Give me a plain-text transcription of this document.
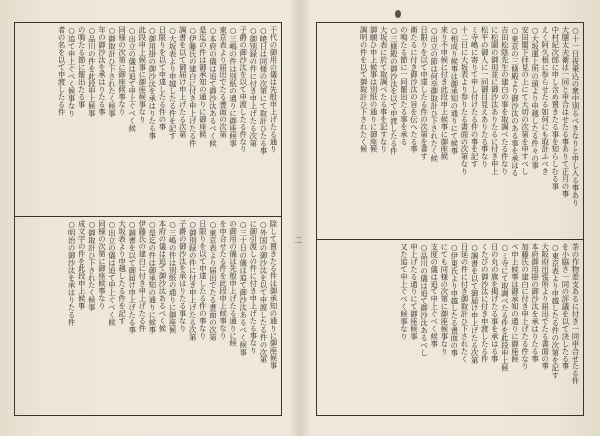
○十一日夜乗込の衆中別るべきなりと申し入る事あり
大膳太夫衛は一同と申合はせたる事ありて正月の事
中村紀次郎に申し含め置きたる事を知らしむる事
えく阿久根に参らせたる如何にも取計ふべき
○大坂運上所の頭より申越したる件々の事
安田閣下拝見の上にて大切の次第を申すべし
○東京の三條殿より御沙汰のある事を承はる
吉田松陰先生の建白の事を取調べたる件なり
に松園の御用並に御沙汰ありたるに付き申上
松平の御人に一同御目見えありたる事なり
ミ寺嶋に寄りて申し付けたる件の事を記す
十二日に大坂表より参りたる書面の次第なり
○相成り候事は御承知の通りにて候事
来り不申候に付き此段申上候事に御座候
○出立の節は何卒御取計ひ下されたく候
日限りを以て申達したる件の次第を書す
衛たるに付き御沙汰の旨を伝へたる事
の鳴たる節に一同罷出たる事を承る
○三條殿の御沙汰を以て申渡したる件
大坂表に於て取調べたる事を記すなり
御願ひ申上候事は別紙の通りに御座候
調明の件を以て御取計ひ下されたく候
茶の作物差支あるに付き一同申合せたる件
を小脇さ一同の評議を以て決したる事
○東京表より申越したる件の次第を記す
大阪府出張所より届出でたる書面の事
本府御用掛の御沙汰を承はりたる事
加藤氏の建白に付き申上げたる件なり
ペ申上候事は御承知の通りに御座候
○ミ寺にて取調べたる件を此段申上候
日の丸の旗を掲げたる事を承はる事
くたびの御沙汰に付き申渡したる件
○調書を以て御届け申上げたる次第
日延の件に付き御取計ひ下されたく
○伊東氏より申越したる書面の事
にても同様の次第に御座候事なり
支度の儀は追て申上ぐべく候事
○品川の儀は追て御沙汰あるべし
申上げたる通りにて御座候事
又た追て申上ぐべく候事なり
干代の御用の儀は先般申上げたる通り
○暁日は同様の次第にて取計ひたる事
○御別録の件に付き申上げたる次第
子爵の御沙汰を以て申渡したる件なり
○三嶋の件は別紙の通りに御座候事
東京表より届出でたる書面の次第
○本府の儀は追て御沙汰あるべく候
是迄の件は御承知の通りに御座候
○伊藤氏の建白に付き申上げたる件
調書を以て御届け申上げたる次第
○大坂表より申越したる件を記す
日限りを以て申達したる件の事
○御用掛の御沙汰を承はりたる事
此段申上候事に御座候事なり
○出立の儀は追て申上ぐべく候
同様の次第に御座候事なり
○御取計ひ下されたく候事
年の御沙汰を承はりたる事
○品川の件を此段申上候事
の鳴たる節に罷出たる事
○追て申上ぐべく候事なり
者の名を以て申渡したる件
除して置きたる件は御承知の通りに御座候事
○外国の御沙汰を以て申渡したる件の次第
に御引渡しの件に付き申上げたる事なり
○三十日の儀は追て御沙汰あるべく候事
の御用の儀は先般申上げたる通りに候
を申合せたる件を此段申上候事なり
○東京表より届出でたる書面の次第
日限りを以て申達したる件の事なり
○御別録の件に付き申上げたる次第
子爵の御沙汰を承はりたる事なり
○三嶋の件は別紙の通りに御座候
本府の儀は追て御沙汰あるべく候
○是迄の件は御承知の通りに候事
伊藤氏の建白に付き申上げたる件
○調書を以て御届け申上げたる事
大坂表より申越したる件を記す
○出立の儀は追て申上ぐべく候
同様の次第に御座候事なり
○御取計ひ下されたく候事
成文字の件を此段申上候事
○明治の御沙汰を承はりたる件	二
